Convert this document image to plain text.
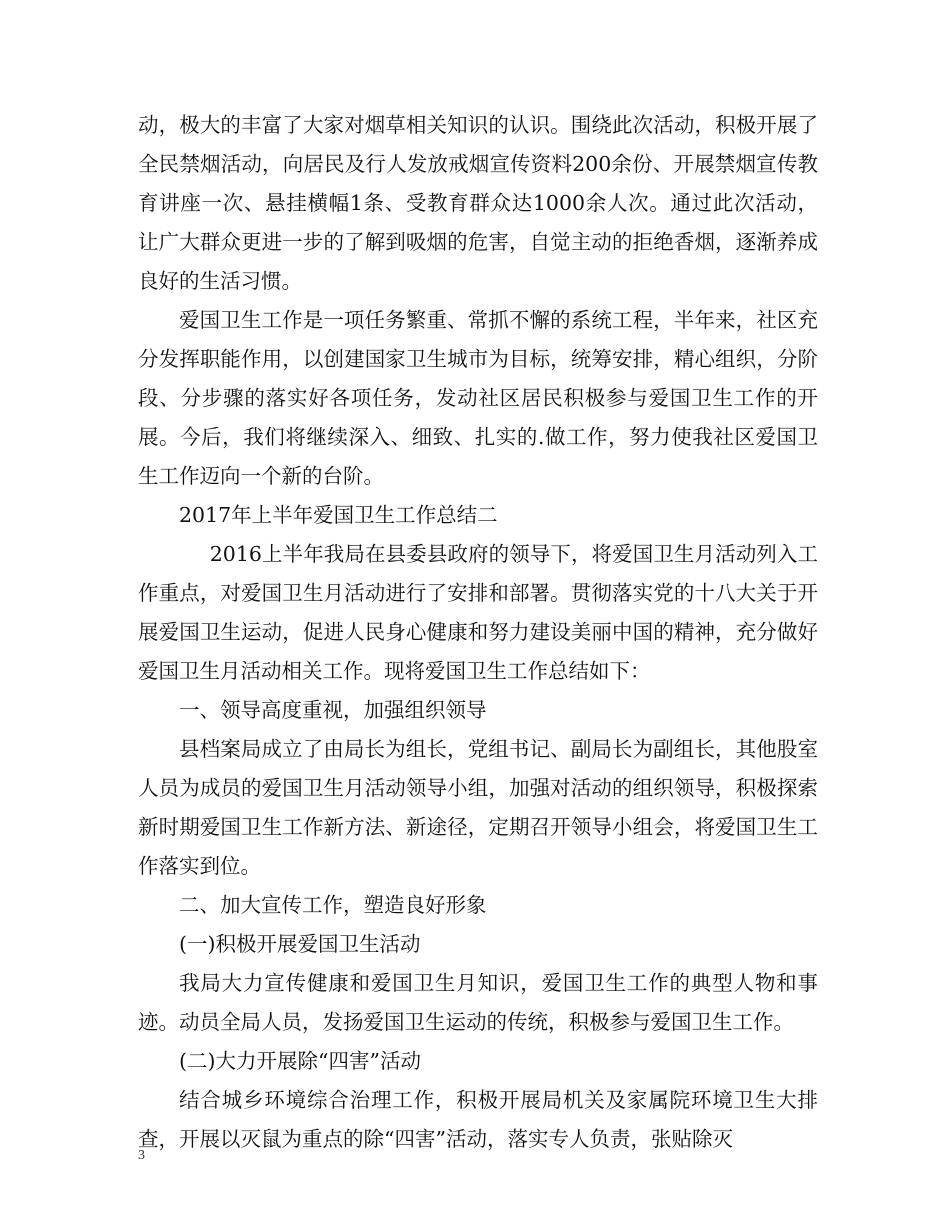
动，极大的丰富了大家对烟草相关知识的认识。围绕此次活动，积极开展了全民禁烟活动，向居民及行人发放戒烟宣传资料200余份、开展禁烟宣传教育讲座一次、悬挂横幅1条、受教育群众达1000余人次。通过此次活动，让广大群众更进一步的了解到吸烟的危害，自觉主动的拒绝香烟，逐渐养成良好的生活习惯。

爱国卫生工作是一项任务繁重、常抓不懈的系统工程，半年来，社区充分发挥职能作用，以创建国家卫生城市为目标，统筹安排，精心组织，分阶段、分步骤的落实好各项任务，发动社区居民积极参与爱国卫生工作的开展。今后，我们将继续深入、细致、扎实的.做工作，努力使我社区爱国卫生工作迈向一个新的台阶。

2017年上半年爱国卫生工作总结二

2016上半年我局在县委县政府的领导下，将爱国卫生月活动列入工作重点，对爱国卫生月活动进行了安排和部署。贯彻落实党的十八大关于开展爱国卫生运动，促进人民身心健康和努力建设美丽中国的精神，充分做好爱国卫生月活动相关工作。现将爱国卫生工作总结如下：

一、领导高度重视，加强组织领导

县档案局成立了由局长为组长，党组书记、副局长为副组长，其他股室人员为成员的爱国卫生月活动领导小组，加强对活动的组织领导，积极探索新时期爱国卫生工作新方法、新途径，定期召开领导小组会，将爱国卫生工作落实到位。

二、加大宣传工作，塑造良好形象

(一)积极开展爱国卫生活动

我局大力宣传健康和爱国卫生月知识，爱国卫生工作的典型人物和事迹。动员全局人员，发扬爱国卫生运动的传统，积极参与爱国卫生工作。

(二)大力开展除“四害”活动

结合城乡环境综合治理工作，积极开展局机关及家属院环境卫生大排查，开展以灭鼠为重点的除“四害”活动，落实专人负责，张贴除灭

3
